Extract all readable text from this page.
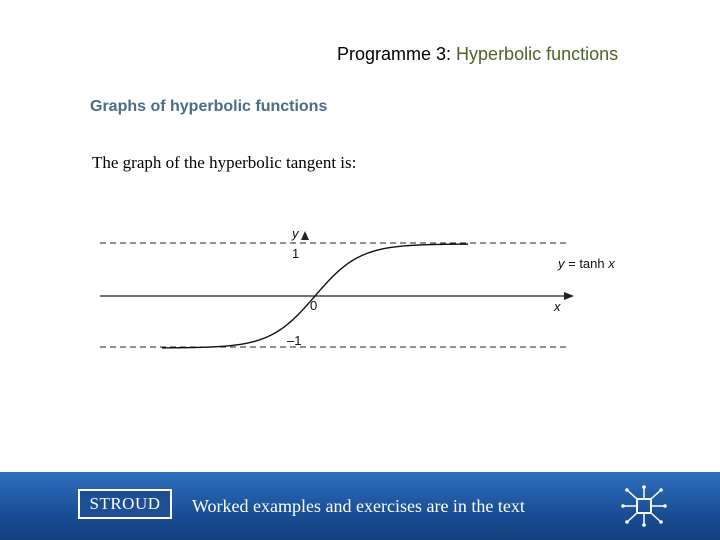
Programme 3: Hyperbolic functions
Graphs of hyperbolic functions
The graph of the hyperbolic tangent is:
y
1
–1
0	x
y = tanh x
STROUD	Worked examples and exercises are in the text
